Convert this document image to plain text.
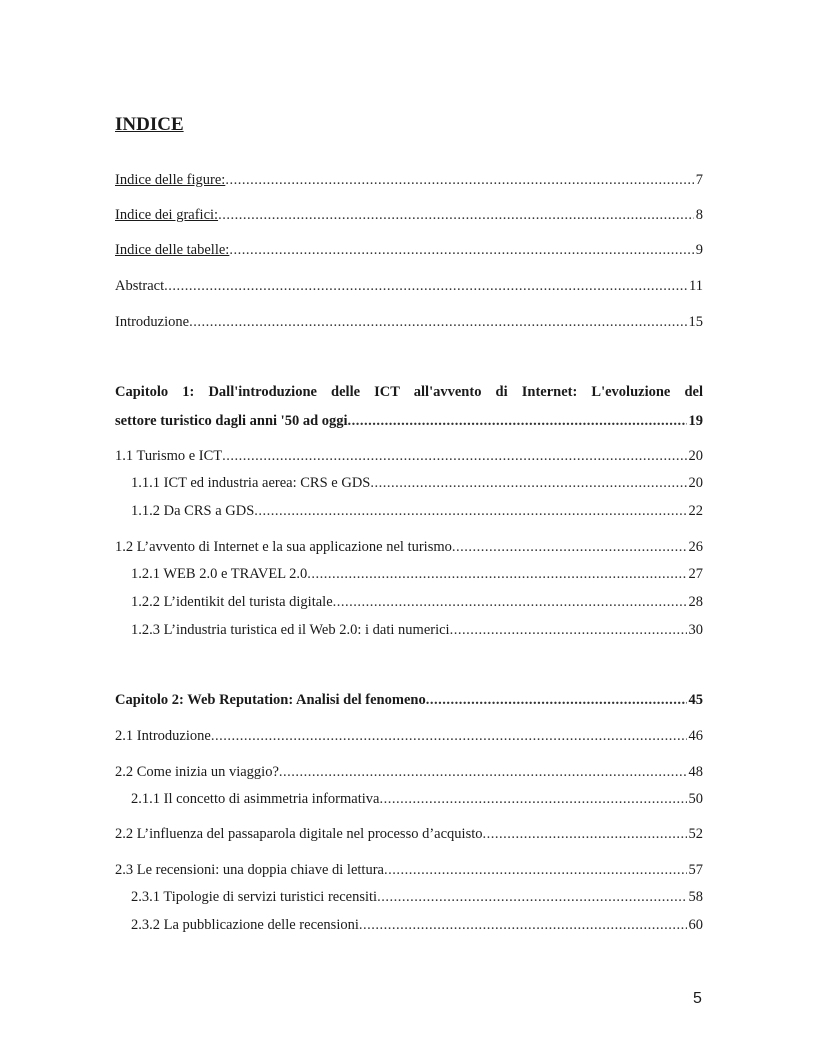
INDICE
Indice delle figure: .....	7
Indice dei grafici: .....	8
Indice delle tabelle: .....	9
Abstract .....	11
Introduzione .....	15
Capitolo 1: Dall'introduzione delle ICT all'avvento di Internet: L'evoluzione del
settore turistico dagli anni '50 ad oggi .....	19
1.1 Turismo e ICT .....	20
1.1.1 ICT ed industria aerea: CRS e GDS .....	20
1.1.2 Da CRS a GDS .....	22
1.2 L’avvento di Internet e la sua applicazione nel turismo .....	26
1.2.1 WEB 2.0 e TRAVEL 2.0 .....	27
1.2.2 L’identikit del turista digitale .....	28
1.2.3 L’industria turistica ed il Web 2.0: i dati numerici .....	30
Capitolo 2: Web Reputation: Analisi del fenomeno .....	45
2.1 Introduzione .....	46
2.2 Come inizia un viaggio? .....	48
2.1.1 Il concetto di asimmetria informativa .....	50
2.2 L’influenza del passaparola digitale nel processo d’acquisto .....	52
2.3 Le recensioni: una doppia chiave di lettura .....	57
2.3.1 Tipologie di servizi turistici recensiti .....	58
2.3.2 La pubblicazione delle recensioni .....	60
5
